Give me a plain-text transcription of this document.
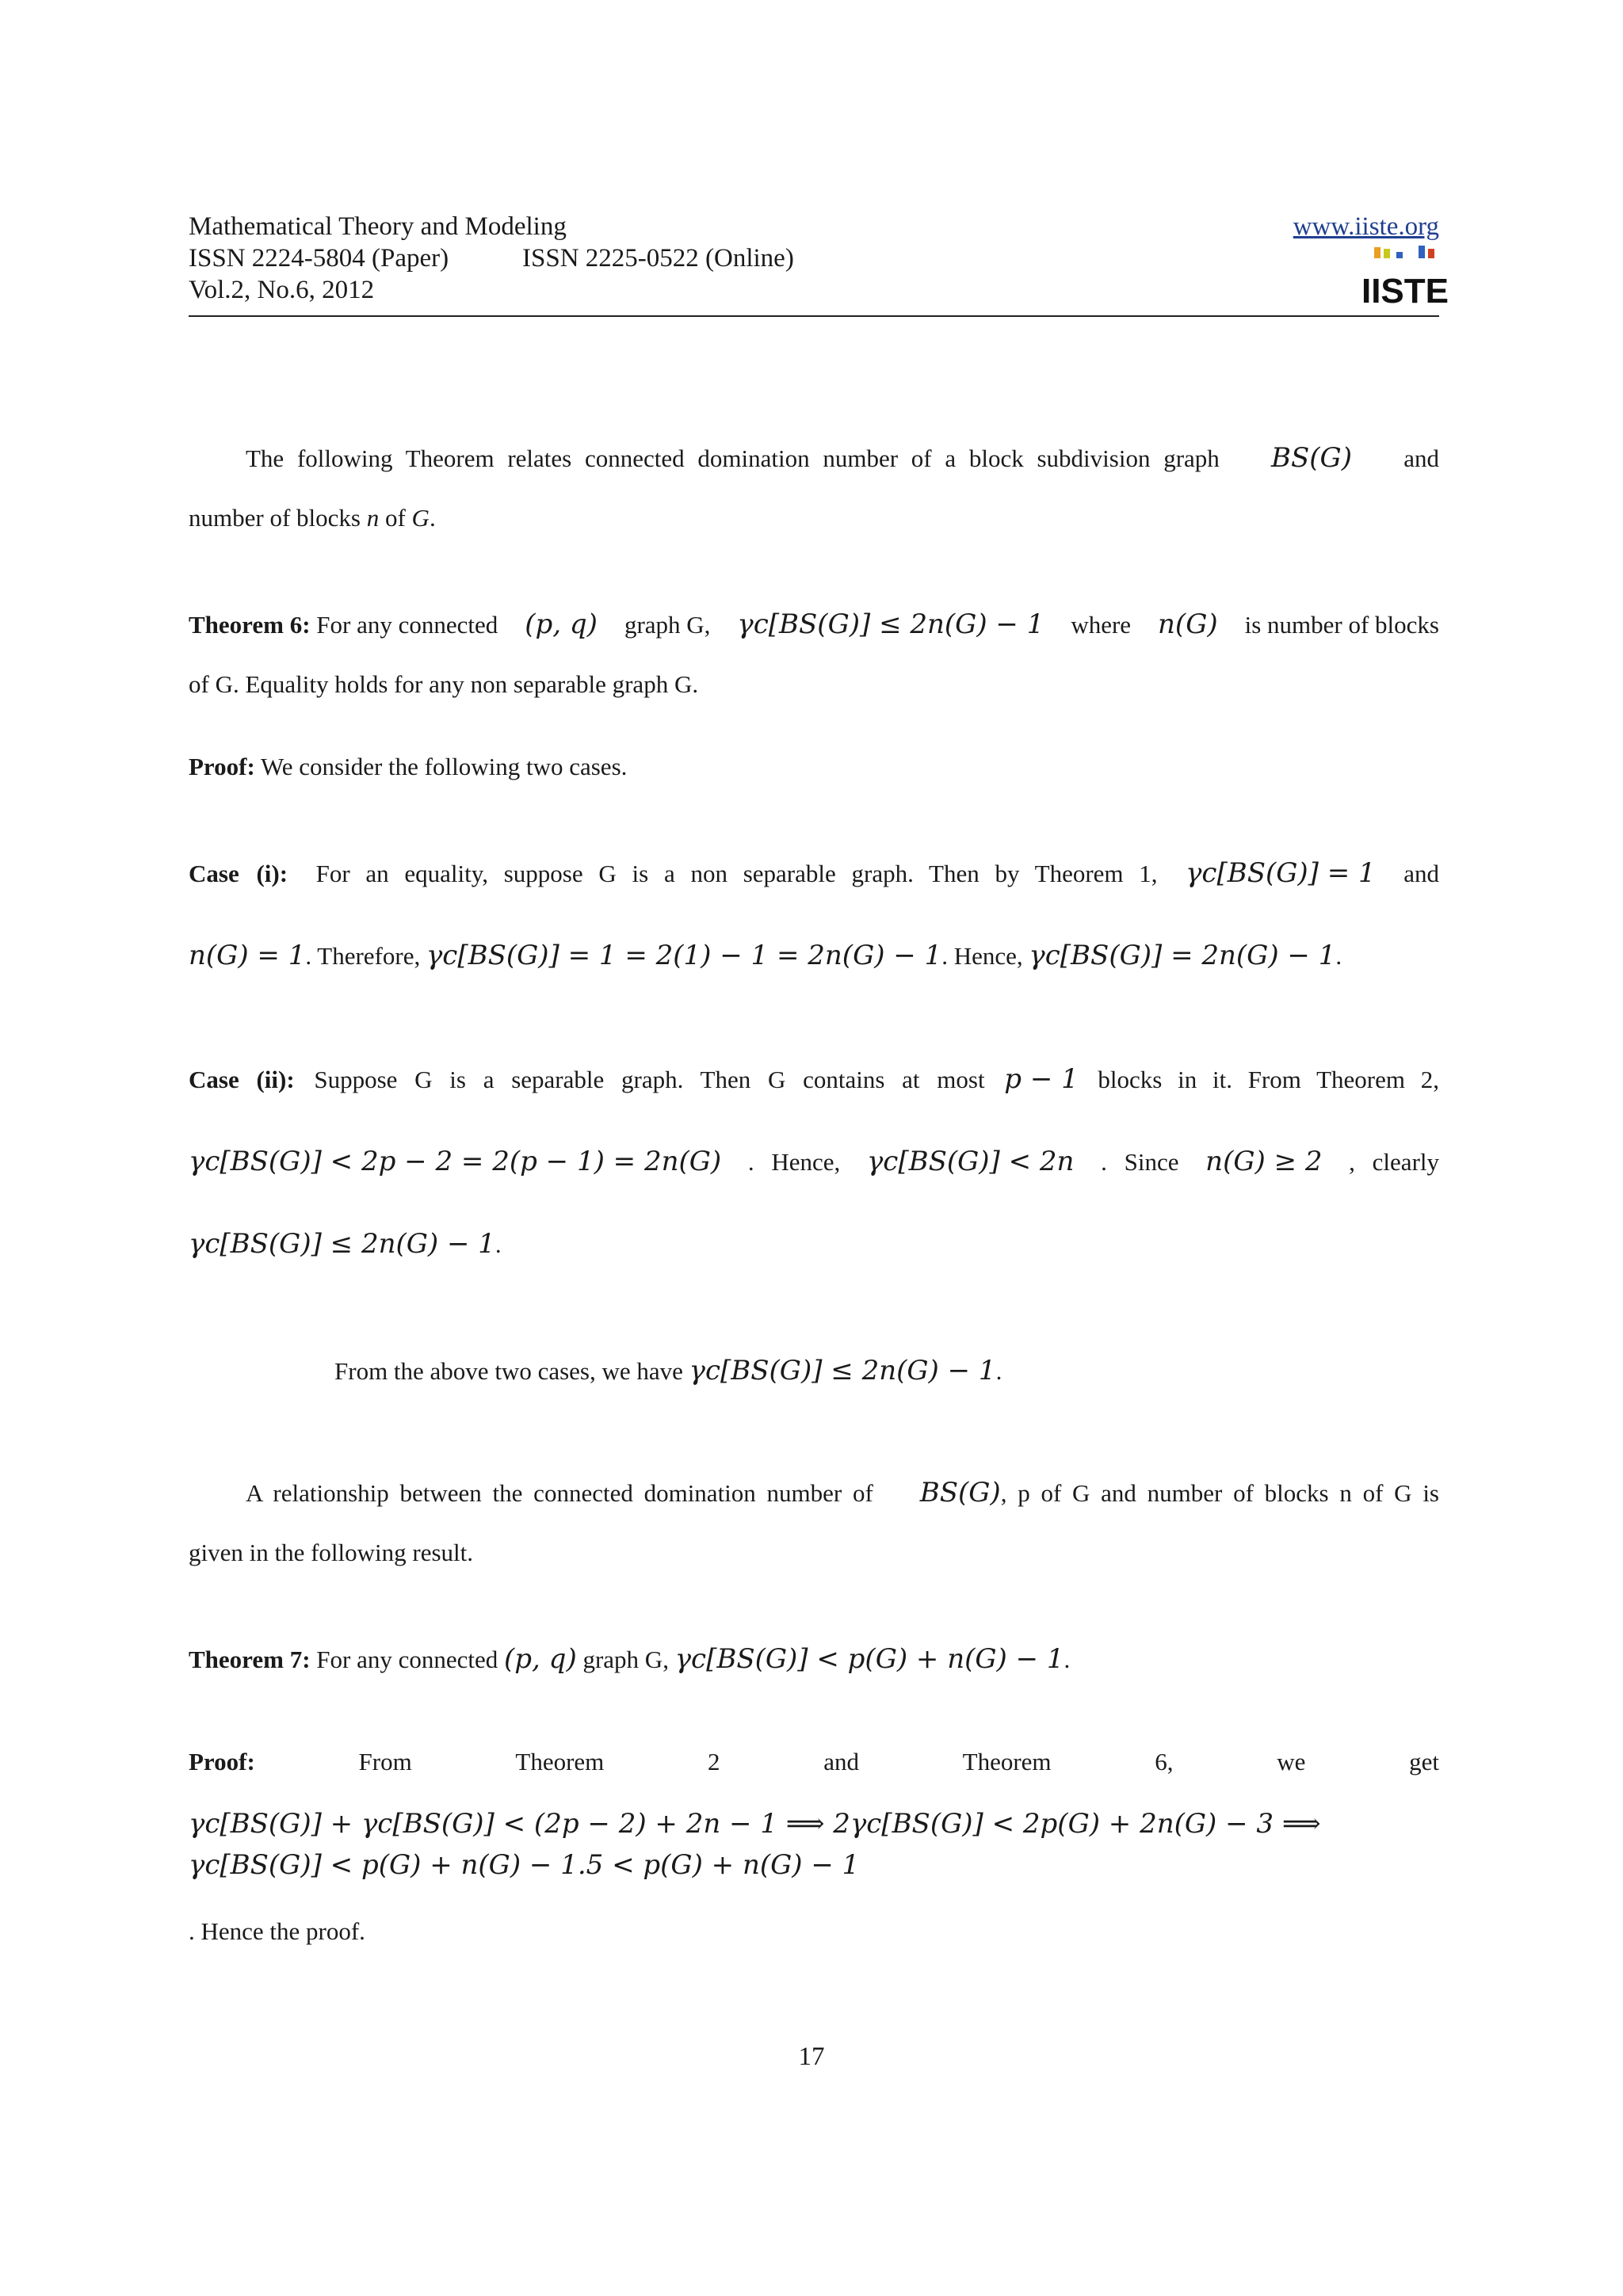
Mathematical Theory and Modeling
ISSN 2224-5804 (Paper)	ISSN 2225-0522 (Online)
Vol.2, No.6, 2012
www.iiste.org
IISTE
The following Theorem relates connected domination number of a block subdivision graph BS(G) and
number of blocks n of G.
Theorem 6: For any connected (p, q) graph G, γc[BS(G)] ≤ 2n(G) − 1 where n(G) is number of blocks
of G. Equality holds for any non separable graph G.
Proof: We consider the following two cases.
Case (i): For an equality, suppose G is a non separable graph. Then by Theorem 1, γc[BS(G)] = 1 and
n(G) = 1. Therefore, γc[BS(G)] = 1 = 2(1) − 1 = 2n(G) − 1. Hence, γc[BS(G)] = 2n(G) − 1.
Case (ii): Suppose G is a separable graph. Then G contains at most p − 1 blocks in it. From Theorem 2,
γc[BS(G)] < 2p − 2 = 2(p − 1) = 2n(G) . Hence, γc[BS(G)] < 2n . Since n(G) ≥ 2 , clearly
γc[BS(G)] ≤ 2n(G) − 1.
From the above two cases, we have γc[BS(G)] ≤ 2n(G) − 1.
A relationship between the connected domination number of BS(G), p of G and number of blocks n of G is
given in the following result.
Theorem 7: For any connected (p, q) graph G, γc[BS(G)] < p(G) + n(G) − 1.
Proof:	From	Theorem	2	and	Theorem	6,	we	get
γc[BS(G)] + γc[BS(G)] < (2p − 2) + 2n − 1 ⟹ 2γc[BS(G)] < 2p(G) + 2n(G) − 3 ⟹
γc[BS(G)] < p(G) + n(G) − 1.5 < p(G) + n(G) − 1
. Hence the proof.
17
